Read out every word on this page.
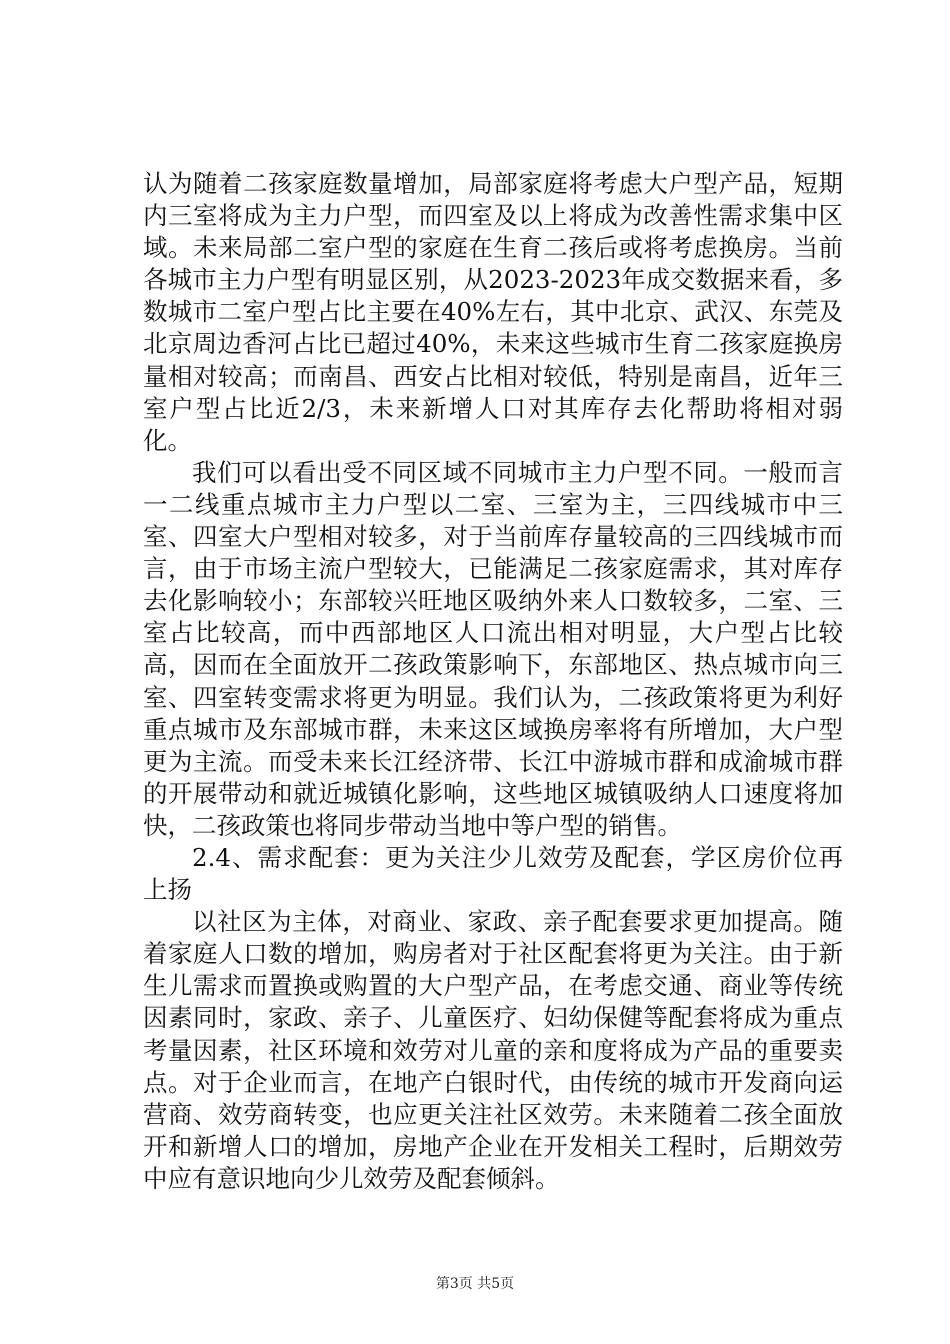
认为随着二孩家庭数量增加，局部家庭将考虑大户型产品，短期内三室将成为主力户型，而四室及以上将成为改善性需求集中区域。未来局部二室户型的家庭在生育二孩后或将考虑换房。当前各城市主力户型有明显区别，从2023-2023年成交数据来看，多数城市二室户型占比主要在40%左右，其中北京、武汉、东莞及北京周边香河占比已超过40%，未来这些城市生育二孩家庭换房量相对较高；而南昌、西安占比相对较低，特别是南昌，近年三室户型占比近2/3，未来新增人口对其库存去化帮助将相对弱化。

我们可以看出受不同区域不同城市主力户型不同。一般而言一二线重点城市主力户型以二室、三室为主，三四线城市中三室、四室大户型相对较多，对于当前库存量较高的三四线城市而言，由于市场主流户型较大，已能满足二孩家庭需求，其对库存去化影响较小；东部较兴旺地区吸纳外来人口数较多，二室、三室占比较高，而中西部地区人口流出相对明显，大户型占比较高，因而在全面放开二孩政策影响下，东部地区、热点城市向三室、四室转变需求将更为明显。我们认为，二孩政策将更为利好重点城市及东部城市群，未来这区域换房率将有所增加，大户型更为主流。而受未来长江经济带、长江中游城市群和成渝城市群的开展带动和就近城镇化影响，这些地区城镇吸纳人口速度将加快，二孩政策也将同步带动当地中等户型的销售。

2.4、需求配套：更为关注少儿效劳及配套，学区房价位再上扬

以社区为主体，对商业、家政、亲子配套要求更加提高。随着家庭人口数的增加，购房者对于社区配套将更为关注。由于新生儿需求而置换或购置的大户型产品，在考虑交通、商业等传统因素同时，家政、亲子、儿童医疗、妇幼保健等配套将成为重点考量因素，社区环境和效劳对儿童的亲和度将成为产品的重要卖点。对于企业而言，在地产白银时代，由传统的城市开发商向运营商、效劳商转变，也应更关注社区效劳。未来随着二孩全面放开和新增人口的增加，房地产企业在开发相关工程时，后期效劳中应有意识地向少儿效劳及配套倾斜。

第3页 共5页
